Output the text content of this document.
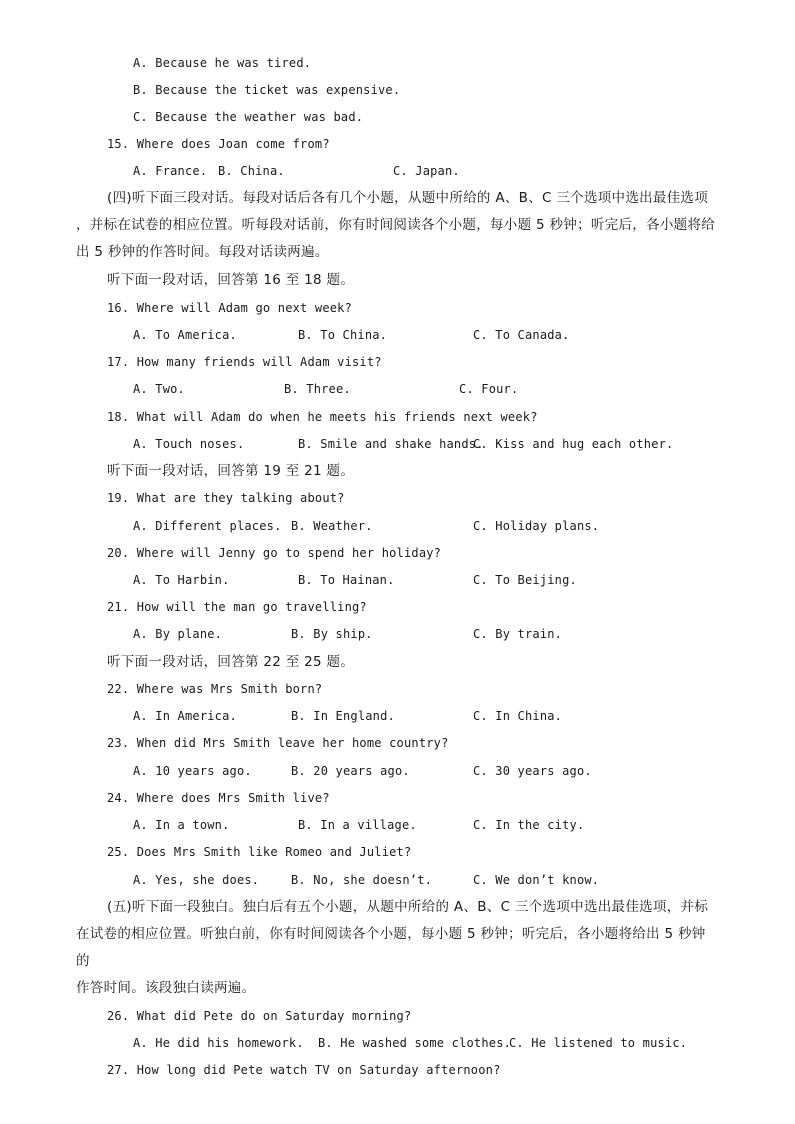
A. Because he was tired.
B. Because the ticket was expensive.
C. Because the weather was bad.
15. Where does Joan come from?
A. France. B. China.	C. Japan.
(四)听下面三段对话。每段对话后各有几个小题，从题中所给的 A、B、C 三个选项中选出最佳选项
，并标在试卷的相应位置。听每段对话前，你有时间阅读各个小题，每小题 5 秒钟；听完后，各小题将给
出 5 秒钟的作答时间。每段对话读两遍。
听下面一段对话，回答第 16 至 18 题。
16. Where will Adam go next week?
A. To America.	B. To China.	C. To Canada.
17. How many friends will Adam visit?
A. Two.	B. Three.	C. Four.
18. What will Adam do when he meets his friends next week?
A. Touch noses.	B. Smile and shake hands.
C. Kiss and hug each other.
听下面一段对话，回答第 19 至 21 题。
19. What are they talking about?
A. Different places. B. Weather.	C. Holiday plans.
20. Where will Jenny go to spend her holiday?
A. To Harbin.	B. To Hainan.	C. To Beijing.
21. How will the man go travelling?
A. By plane.	B. By ship.	C. By train.
听下面一段对话，回答第 22 至 25 题。
22. Where was Mrs Smith born?
A. In America.	B. In England.	C. In China.
23. When did Mrs Smith leave her home country?
A. 10 years ago.	B. 20 years ago.	C. 30 years ago.
24. Where does Mrs Smith live?
A. In a town.	B. In a village.	C. In the city.
25. Does Mrs Smith like Romeo and Juliet?
A. Yes, she does.	B. No, she doesn’t.	C. We don’t know.
(五)听下面一段独白。独白后有五个小题，从题中所给的 A、B、C 三个选项中选出最佳选项，并标
在试卷的相应位置。听独白前，你有时间阅读各个小题，每小题 5 秒钟；听完后，各小题将给出 5 秒钟
的
作答时间。该段独白读两遍。
26. What did Pete do on Saturday morning?
A. He did his homework. B. He washed some clothes.
C. He listened to music.
27. How long did Pete watch TV on Saturday afternoon?
